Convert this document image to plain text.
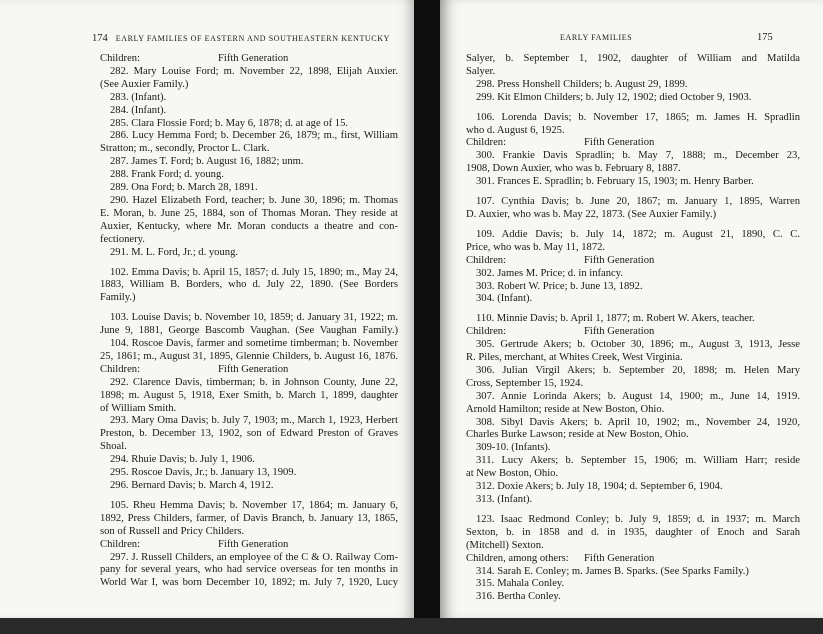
174 EARLY FAMILIES OF EASTERN AND SOUTHEASTERN KENTUCKY
Children:	Fifth Generation
282. Mary Louise Ford; m. November 22, 1898, Elijah Auxier.
(See Auxier Family.)
283. (Infant).
284. (Infant).
285. Clara Flossie Ford; b. May 6, 1878; d. at age of 15.
286. Lucy Hemma Ford; b. December 26, 1879; m., first, William
Stratton; m., secondly, Proctor L. Clark.
287. James T. Ford; b. August 16, 1882; unm.
288. Frank Ford; d. young.
289. Ona Ford; b. March 28, 1891.
290. Hazel Elizabeth Ford, teacher; b. June 30, 1896; m. Thomas
E. Moran, b. June 25, 1884, son of Thomas Moran. They reside at
Auxier, Kentucky, where Mr. Moran conducts a theatre and con-
fectionery.
291. M. L. Ford, Jr.; d. young.
102. Emma Davis; b. April 15, 1857; d. July 15, 1890; m., May 24,
1883, William B. Borders, who d. July 22, 1890. (See Borders
Family.)
103. Louise Davis; b. November 10, 1859; d. January 31, 1922; m.
June 9, 1881, George Bascomb Vaughan. (See Vaughan Family.)
104. Roscoe Davis, farmer and sometime timberman; b. November
25, 1861; m., August 31, 1895, Glennie Childers, b. August 16, 1876.
Children:	Fifth Generation
292. Clarence Davis, timberman; b. in Johnson County, June 22,
1898; m. August 5, 1918, Exer Smith, b. March 1, 1899, daughter
of William Smith.
293. Mary Oma Davis; b. July 7, 1903; m., March 1, 1923, Herbert
Preston, b. December 13, 1902, son of Edward Preston of Graves
Shoal.
294. Rhuie Davis; b. July 1, 1906.
295. Roscoe Davis, Jr.; b. January 13, 1909.
296. Bernard Davis; b. March 4, 1912.
105. Rheu Hemma Davis; b. November 17, 1864; m. January 6,
1892, Press Childers, farmer, of Davis Branch, b. January 13, 1865,
son of Russell and Pricy Childers.
Children:	Fifth Generation
297. J. Russell Childers, an employee of the C & O. Railway Com-
pany for several years, who had service overseas for ten months in
World War I, was born December 10, 1892; m. July 7, 1920, Lucy
EARLY FAMILIES	175
Salyer, b. September 1, 1902, daughter of William and Matilda
Salyer.
298. Press Honshell Childers; b. August 29, 1899.
299. Kit Elmon Childers; b. July 12, 1902; died October 9, 1903.
106. Lorenda Davis; b. November 17, 1865; m. James H. Spradlin
who d. August 6, 1925.
Children:	Fifth Generation
300. Frankie Davis Spradlin; b. May 7, 1888; m., December 23,
1908, Down Auxier, who was b. February 8, 1887.
301. Frances E. Spradlin; b. February 15, 1903; m. Henry Barber.
107. Cynthia Davis; b. June 20, 1867; m. January 1, 1895, Warren
D. Auxier, who was b. May 22, 1873. (See Auxier Family.)
109. Addie Davis; b. July 14, 1872; m. August 21, 1890, C. C.
Price, who was b. May 11, 1872.
Children:	Fifth Generation
302. James M. Price; d. in infancy.
303. Robert W. Price; b. June 13, 1892.
304. (Infant).
110. Minnie Davis; b. April 1, 1877; m. Robert W. Akers, teacher.
Children:	Fifth Generation
305. Gertrude Akers; b. October 30, 1896; m., August 3, 1913, Jesse
R. Piles, merchant, at Whites Creek, West Virginia.
306. Julian Virgil Akers; b. September 20, 1898; m. Helen Mary
Cross, September 15, 1924.
307. Annie Lorinda Akers; b. August 14, 1900; m., June 14, 1919.
Arnold Hamilton; reside at New Boston, Ohio.
308. Sibyl Davis Akers; b. April 10, 1902; m., November 24, 1920,
Charles Burke Lawson; reside at New Boston, Ohio.
309-10. (Infants).
311. Lucy Akers; b. September 15, 1906; m. William Harr; reside
at New Boston, Ohio.
312. Doxie Akers; b. July 18, 1904; d. September 6, 1904.
313. (Infant).
123. Isaac Redmond Conley; b. July 9, 1859; d. in 1937; m. March
Sexton, b. in 1858 and d. in 1935, daughter of Enoch and Sarah
(Mitchell) Sexton.
Children, among others: Fifth Generation
314. Sarah E. Conley; m. James B. Sparks. (See Sparks Family.)
315. Mahala Conley.
316. Bertha Conley.
